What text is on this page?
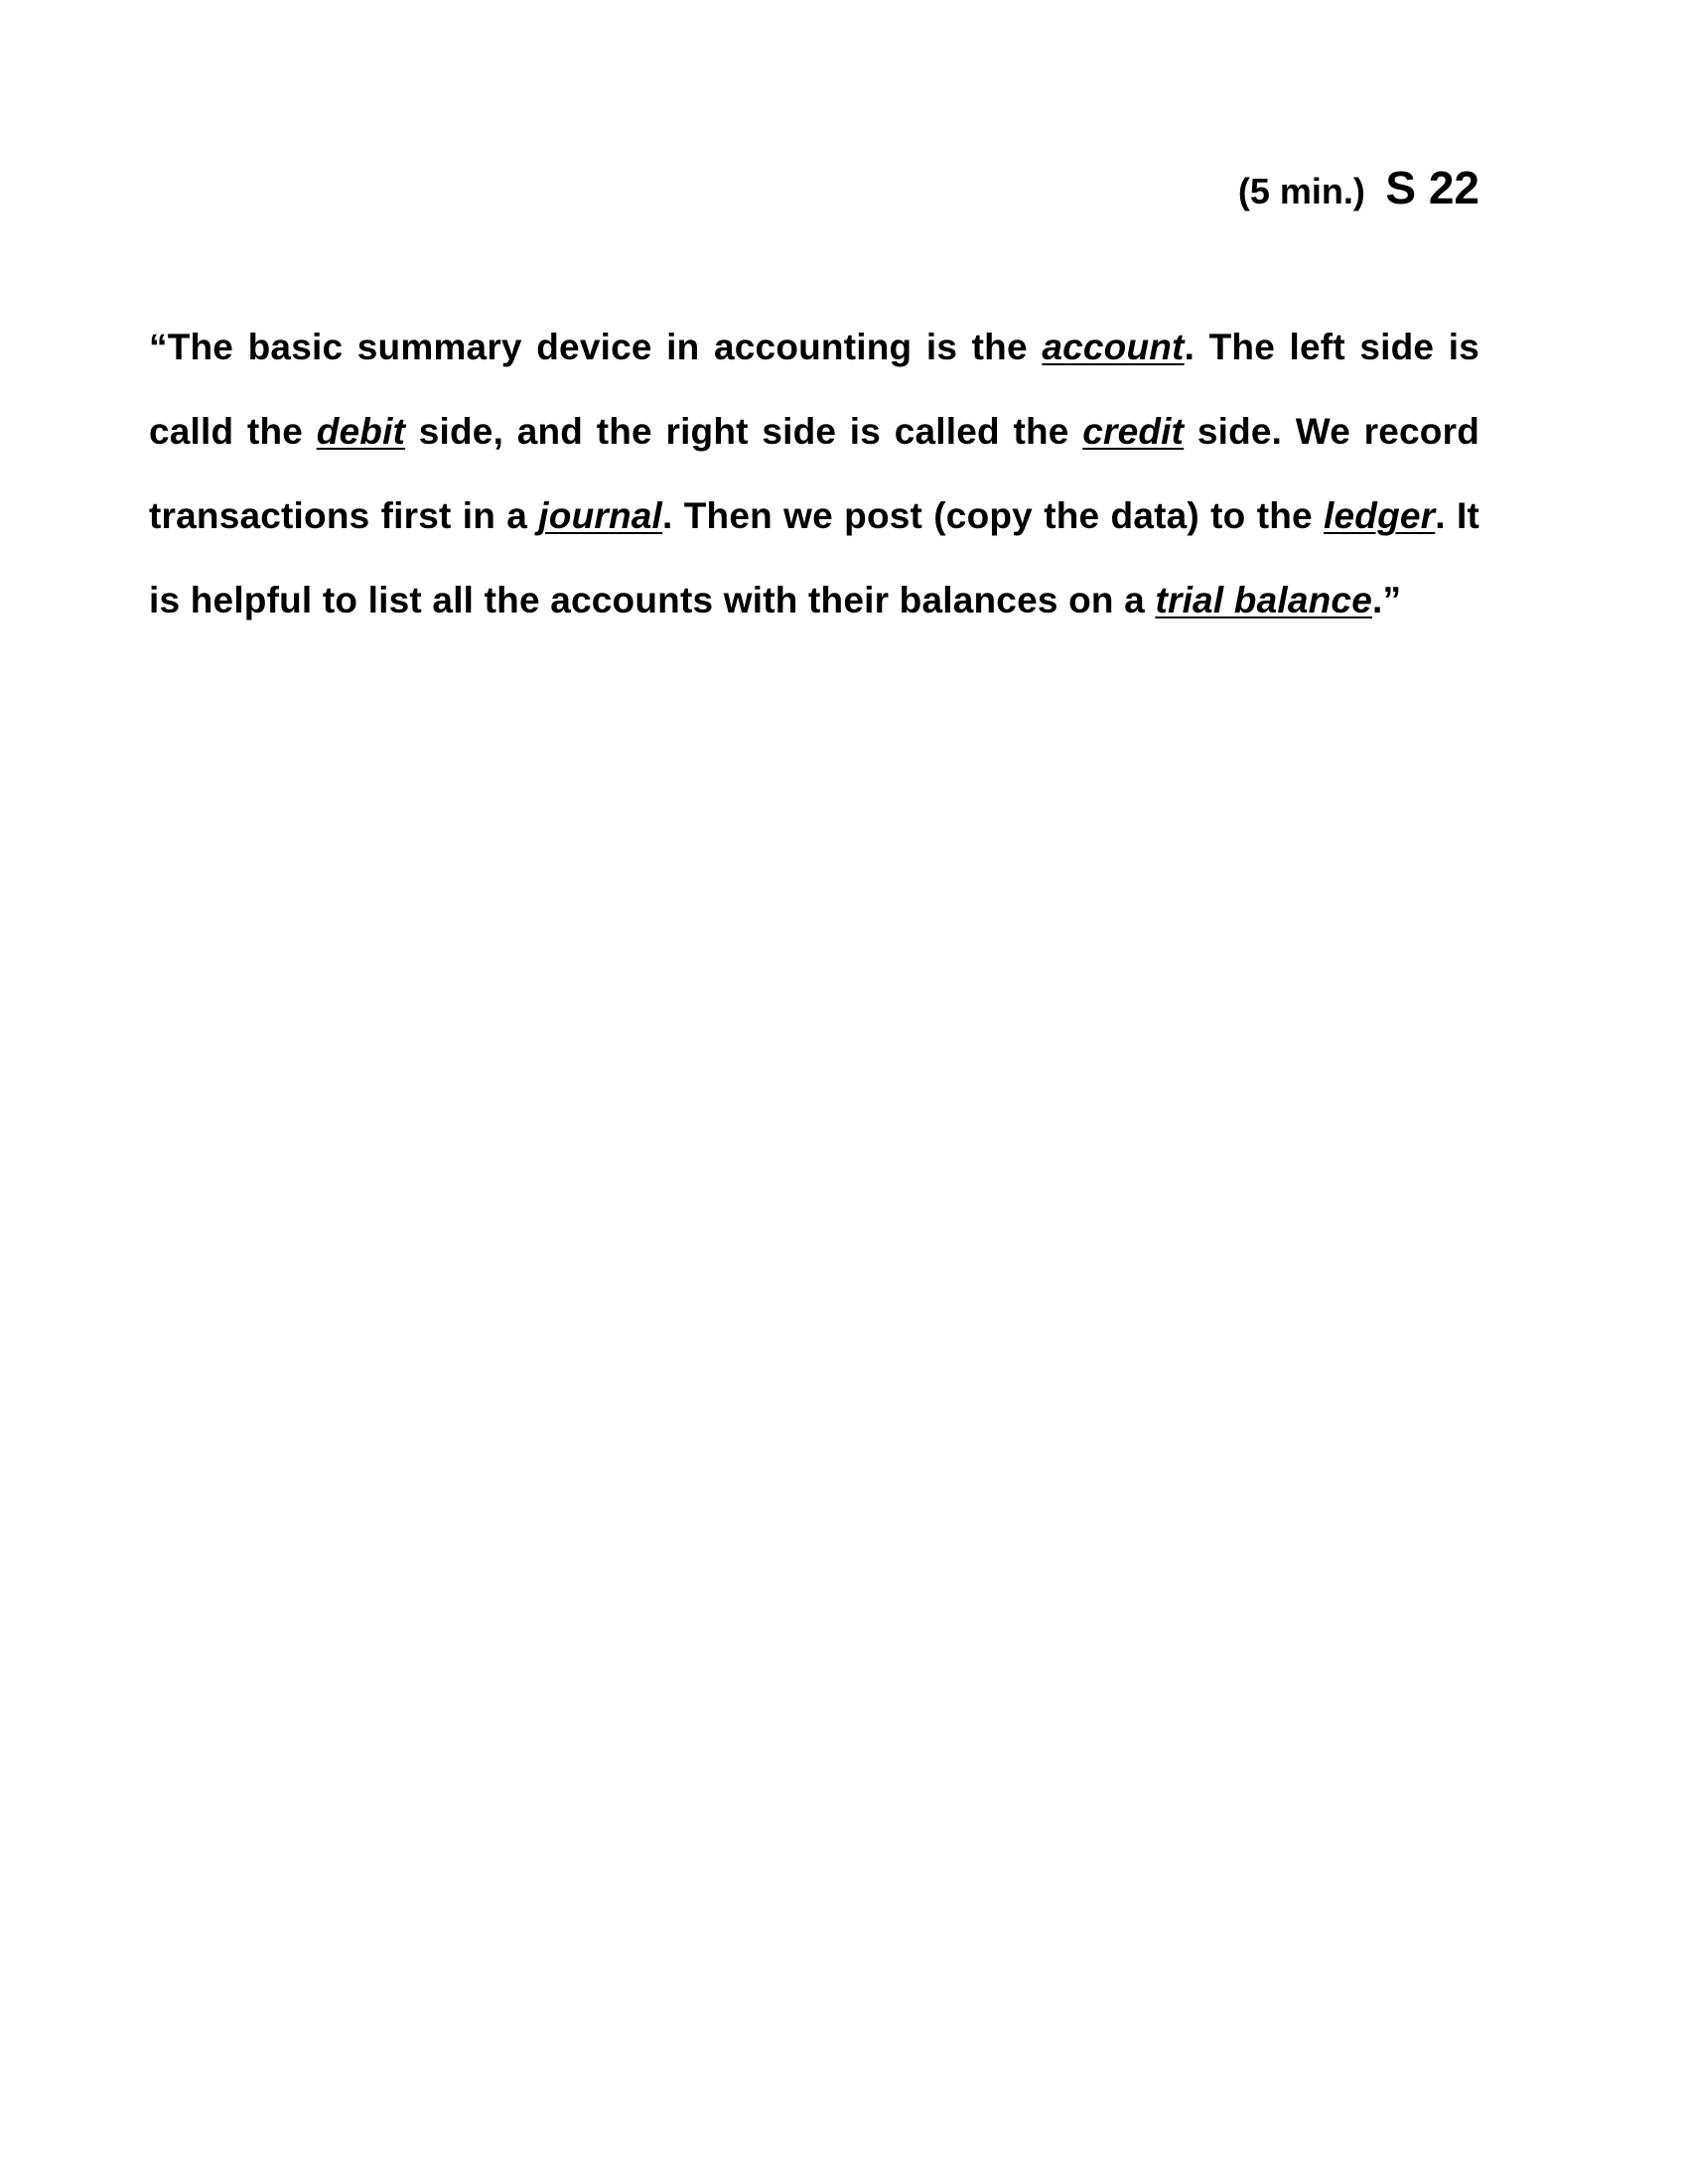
(5 min.) S 22

“The basic summary device in accounting is the account. The left side is calld the debit side, and the right side is called the credit side. We record transactions first in a journal. Then we post (copy the data) to the ledger. It is helpful to list all the accounts with their balances on a trial balance.”
